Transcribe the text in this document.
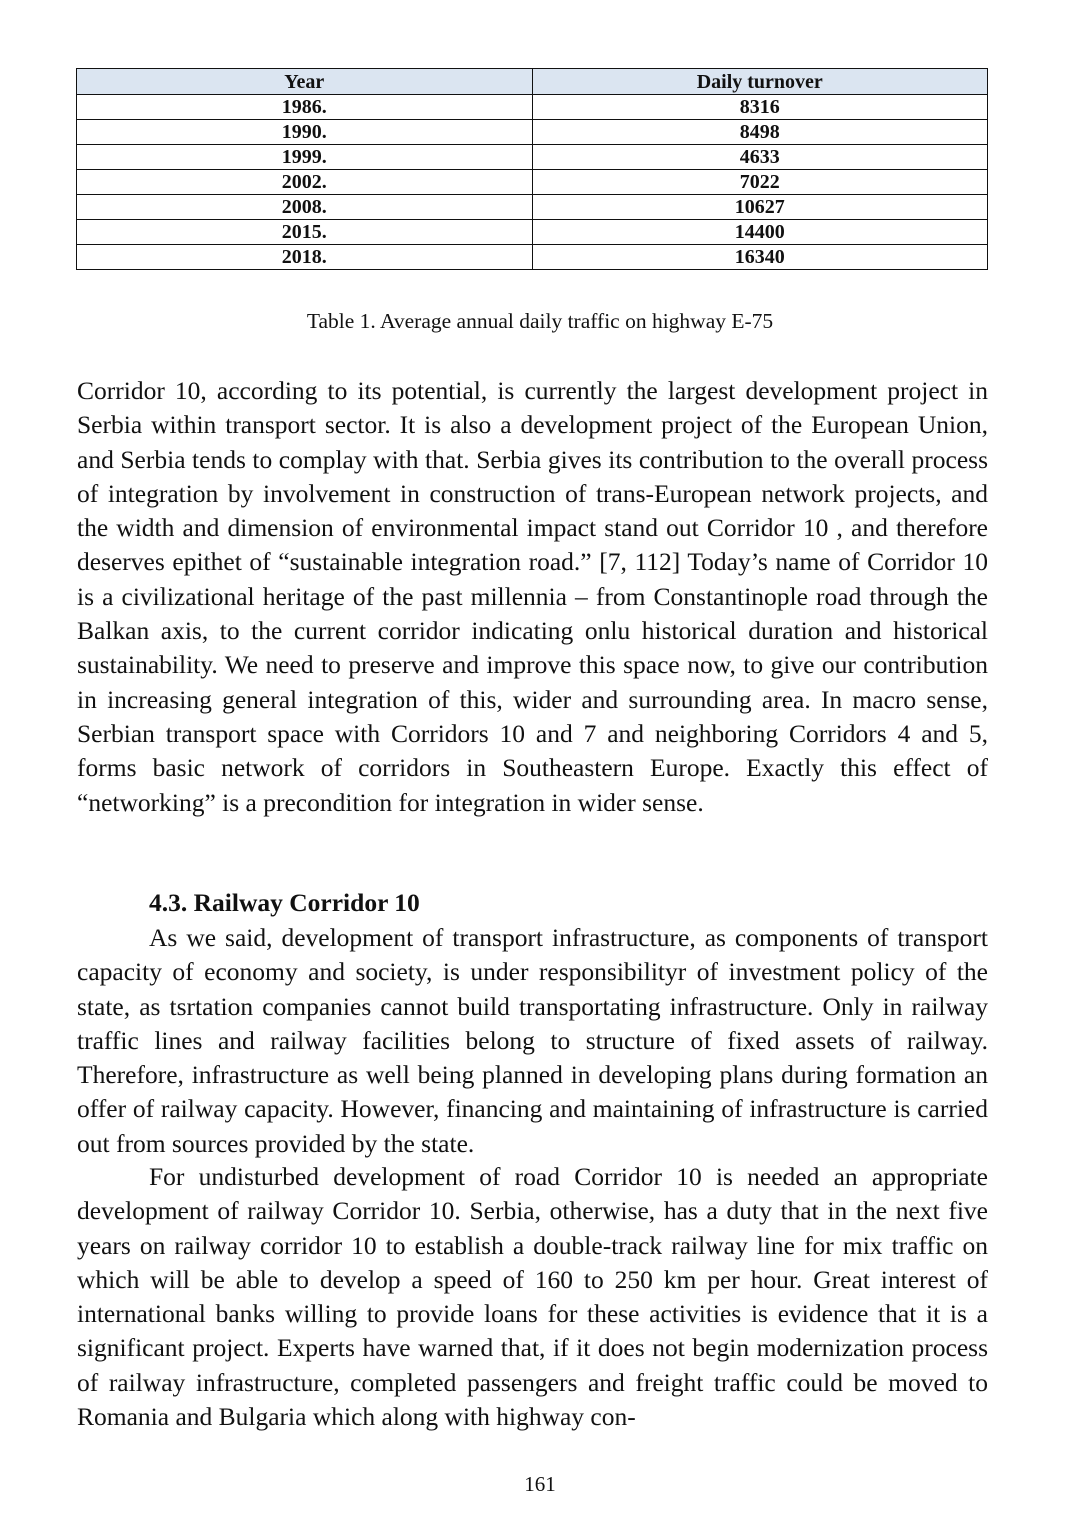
Year	Daily turnover
1986.	8316
1990.	8498
1999.	4633
2002.	7022
2008.	10627
2015.	14400
2018.	16340
Table 1. Average annual daily traffic on highway E-75

Corridor 10, according to its potential, is currently the largest development project in Serbia within transport sector. It is also a development project of the European Union, and Serbia tends to complay with that. Serbia gives its contribution to the overall process of integration by involvement in construction of trans-European network projects, and the width and dimension of environmental impact stand out Corridor 10 , and therefore deserves epithet of “sustainable integration road.” [7, 112] Today’s name of Corridor 10 is a civilizational heritage of the past millennia – from Constantinople road through the Balkan axis, to the current corridor indicating onlu historical duration and historical sustainability. We need to preserve and improve this space now, to give our contribution in increasing general integration of this, wider and surrounding area. In macro sense, Serbian transport space with Corridors 10 and 7 and neighboring Corridors 4 and 5, forms basic network of corridors in Southeastern Europe. Exactly this effect of “networking” is a precondition for integration in wider sense.

4.3. Railway Corridor 10

As we said, development of transport infrastructure, as components of transport capacity of economy and society, is under responsibilityr of investment policy of the state, as tsrtation companies cannot build transportating infrastructure. Only in railway traffic lines and railway facilities belong to structure of fixed assets of railway. Therefore, infrastructure as well being planned in developing plans during formation an offer of railway capacity. However, financing and maintaining of infrastructure is carried out from sources provided by the state.

For undisturbed development of road Corridor 10 is needed an appropriate development of railway Corridor 10. Serbia, otherwise, has a duty that in the next five years on railway corridor 10 to establish a double-track railway line for mix traffic on which will be able to develop a speed of 160 to 250 km per hour. Great interest of international banks willing to provide loans for these activities is evidence that it is a significant project. Experts have warned that, if it does not begin modernization process of railway infrastructure, completed passengers and freight traffic could be moved to Romania and Bulgaria which along with highway con-

161
